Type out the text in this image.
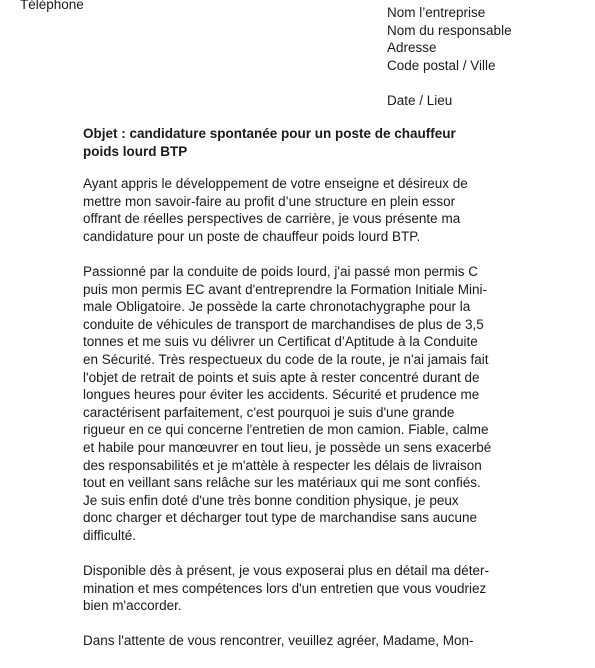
Téléphone
Nom l’entreprise
Nom du responsable
Adresse
Code postal / Ville
Date / Lieu
Objet : candidature spontanée pour un poste de chauffeur
poids lourd BTP

Ayant appris le développement de votre enseigne et désireux de
mettre mon savoir-faire au profit d’une structure en plein essor
offrant de réelles perspectives de carrière, je vous présente ma
candidature pour un poste de chauffeur poids lourd BTP.

Passionné par la conduite de poids lourd, j'ai passé mon permis C
puis mon permis EC avant d'entreprendre la Formation Initiale Mini-
male Obligatoire. Je possède la carte chronotachygraphe pour la
conduite de véhicules de transport de marchandises de plus de 3,5
tonnes et me suis vu délivrer un Certificat d’Aptitude à la Conduite
en Sécurité. Très respectueux du code de la route, je n'ai jamais fait
l'objet de retrait de points et suis apte à rester concentré durant de
longues heures pour éviter les accidents. Sécurité et prudence me
caractérisent parfaitement, c'est pourquoi je suis d'une grande
rigueur en ce qui concerne l'entretien de mon camion. Fiable, calme
et habile pour manœuvrer en tout lieu, je possède un sens exacerbé
des responsabilités et je m'attèle à respecter les délais de livraison
tout en veillant sans relâche sur les matériaux qui me sont confiés.
Je suis enfin doté d'une très bonne condition physique, je peux
donc charger et décharger tout type de marchandise sans aucune
difficulté.

Disponible dès à présent, je vous exposerai plus en détail ma déter-
mination et mes compétences lors d'un entretien que vous voudriez
bien m'accorder.

Dans l'attente de vous rencontrer, veuillez agréer, Madame, Mon-
